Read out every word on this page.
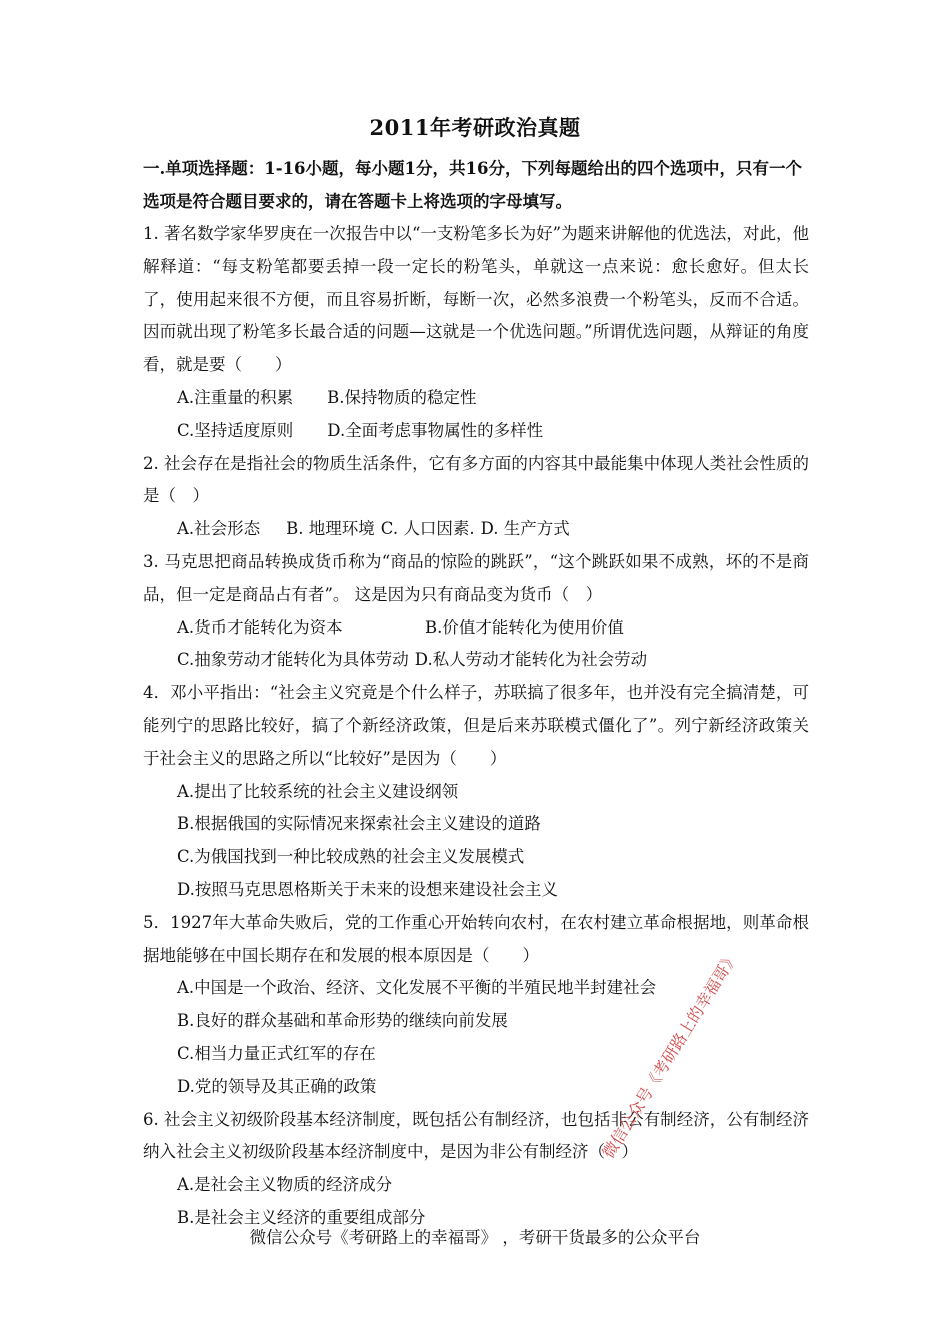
2011年考研政治真题
一.单项选择题：1-16小题，每小题1分，共16分，下列每题给出的四个选项中，只有一个选项是符合题目要求的，请在答题卡上将选项的字母填写。
1. 著名数学家华罗庚在一次报告中以“一支粉笔多长为好”为题来讲解他的优选法，对此，他解释道：“每支粉笔都要丢掉一段一定长的粉笔头，单就这一点来说：愈长愈好。但太长了，使用起来很不方便，而且容易折断，每断一次，必然多浪费一个粉笔头，反而不合适。因而就出现了粉笔多长最合适的问题—这就是一个优选问题。”所谓优选问题，从辩证的角度看，就是要（　　）
A.注重量的积累 B.保持物质的稳定性
C.坚持适度原则 D.全面考虑事物属性的多样性
2. 社会存在是指社会的物质生活条件，它有多方面的内容其中最能集中体现人类社会性质的是（　）
A.社会形态 B. 地理环境 C. 人口因素. D. 生产方式
3. 马克思把商品转换成货币称为“商品的惊险的跳跃”，“这个跳跃如果不成熟，坏的不是商品，但一定是商品占有者”。 这是因为只有商品变为货币（　）
A.货币才能转化为资本	B.价值才能转化为使用价值
C.抽象劳动才能转化为具体劳动 D.私人劳动才能转化为社会劳动
4．邓小平指出：“社会主义究竟是个什么样子，苏联搞了很多年，也并没有完全搞清楚，可能列宁的思路比较好，搞了个新经济政策，但是后来苏联模式僵化了”。列宁新经济政策关于社会主义的思路之所以“比较好”是因为（　　）
A.提出了比较系统的社会主义建设纲领
B.根据俄国的实际情况来探索社会主义建设的道路
C.为俄国找到一种比较成熟的社会主义发展模式
D.按照马克思恩格斯关于未来的设想来建设社会主义
5．1927年大革命失败后，党的工作重心开始转向农村，在农村建立革命根据地，则革命根据地能够在中国长期存在和发展的根本原因是（　　）
A.中国是一个政治、经济、文化发展不平衡的半殖民地半封建社会
B.良好的群众基础和革命形势的继续向前发展
C.相当力量正式红军的存在
D.党的领导及其正确的政策
6. 社会主义初级阶段基本经济制度，既包括公有制经济，也包括非公有制经济，公有制经济纳入社会主义初级阶段基本经济制度中，是因为非公有制经济（　）
A.是社会主义物质的经济成分
B.是社会主义经济的重要组成部分
微信公众号《考研路上的幸福哥》
微信公众号《考研路上的幸福哥》 ，考研干货最多的公众平台
